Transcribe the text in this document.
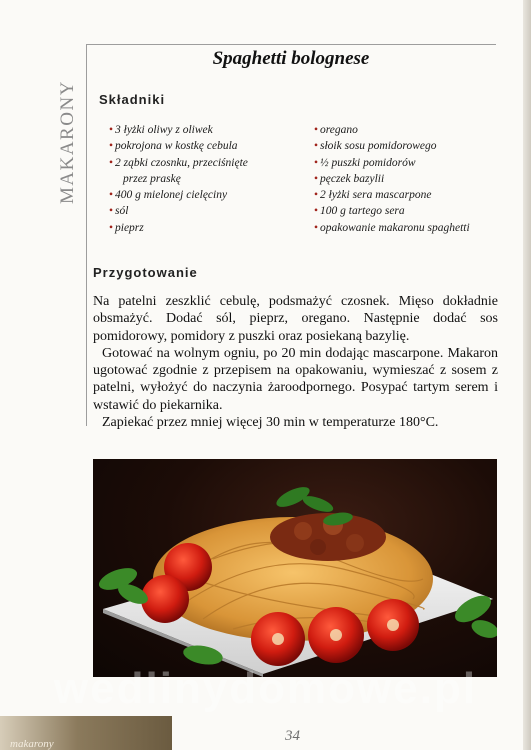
MAKARONY
Spaghetti bolognese
Składniki
• 3 łyżki oliwy z oliwek
• pokrojona w kostkę cebula
• 2 ząbki czosnku, przeciśnięte
przez praskę
• 400 g mielonej cielęciny
• sól
• pieprz
• oregano
• słoik sosu pomidorowego
• ½ puszki pomidorów
• pęczek bazylii
• 2 łyżki sera mascarpone
• 100 g tartego sera
• opakowanie makaronu spaghetti
Przygotowanie

Na patelni zeszklić cebulę, podsmażyć czosnek. Mięso dokładnie obsmażyć. Dodać sól, pieprz, oregano. Następnie dodać sos pomidorowy, pomidory z puszki oraz posiekaną bazylię.

Gotować na wolnym ogniu, po 20 min dodając mascarpone. Makaron ugotować zgodnie z przepisem na opakowaniu, wymieszać z sosem z patelni, wyłożyć do naczynia żaroodpornego. Posypać tartym serem i wstawić do piekarnika.

Zapiekać przez mniej więcej 30 min w temperaturze 180°C.

wedlinydomowe.pl
makarony	34
